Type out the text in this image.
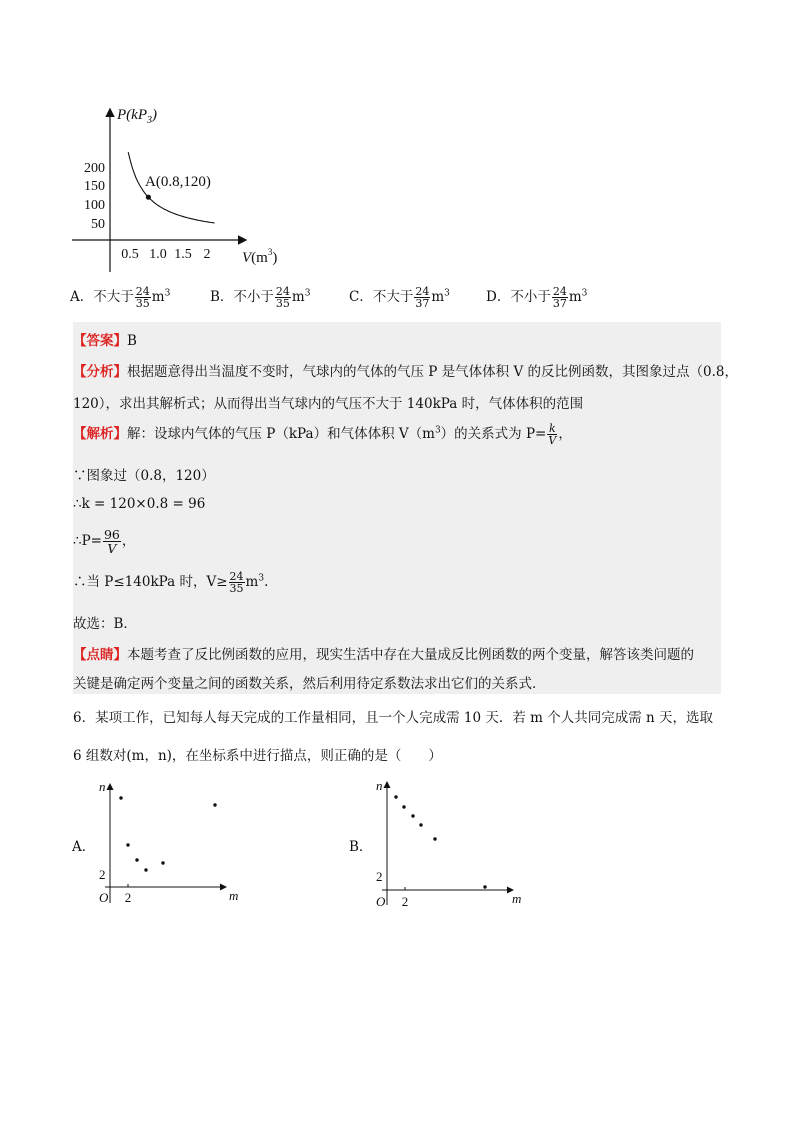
$P(kP_3)$
200
150
100
50
0.5 1.0 1.5 2 $V(m^3)$
A(0.8,120)
A．不大于 $\frac{24}{35} m^3$	B．不小于 $\frac{24}{35} m^3$	C．不大于 $\frac{24}{37} m^3$	D．不小于 $\frac{24}{37} m^3$
【答案】B
【分析】根据题意得出当温度不变时，气球内的气体的气压 P 是气体体积 V 的反比例函数，其图象过点（0.8，
120），求出其解析式；从而得出当气球内的气压不大于 140kPa 时，气体体积的范围
【解析】解：设球内气体的气压 P（kPa）和气体体积 $V(m^3)$的关系式为 $P= \frac{k}{V}$ ，
∵图象过（0.8，120）
∴k = 120×0.8 = 96
∴P= $\frac{96}{V}$ ，
∴当 P≤140kPa 时，$V\ge \frac{24}{35} m^3$.
故选：B．
【点睛】本题考查了反比例函数的应用，现实生活中存在大量成反比例函数的两个变量，解答该类问题的
关键是确定两个变量之间的函数关系，然后利用待定系数法求出它们的关系式．
6．某项工作，已知每人每天完成的工作量相同，且一个人完成需 10 天．若 m 个人共同完成需 n 天，选取
6 组数对(m，n)，在坐标系中进行描点，则正确的是（　　）
A．
n
m
O 2
2
B．
n
m
O 2
2
